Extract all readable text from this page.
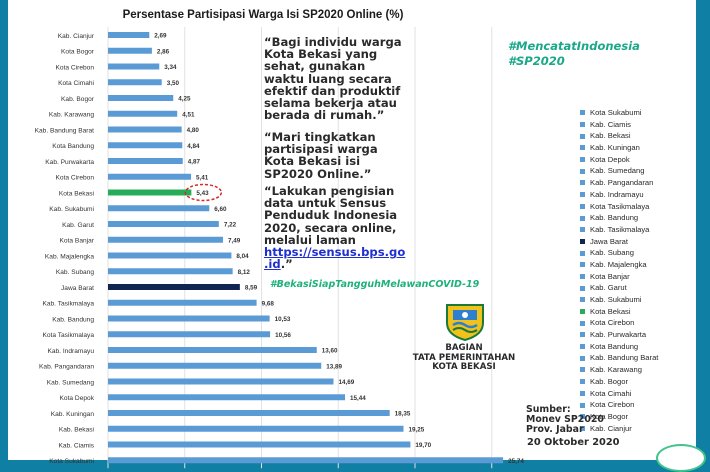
Persentase Partisipasi Warga Isi SP2020 Online (%)
Kab. Cianjur	2,69
Kota Bogor	2,86
Kota Cirebon	3,34
Kota Cimahi	3,50
Kab. Bogor	4,25
Kab. Karawang	4,51
Kab. Bandung Barat	4,80
Kota Bandung	4,84
Kab. Purwakarta	4,87
Kota Cirebon	5,41
Kota Bekasi	5,43
Kab. Sukabumi	6,60
Kab. Garut	7,22
Kota Banjar	7,49
Kab. Majalengka	8,04
Kab. Subang	8,12
Jawa Barat	8,59
Kab. Tasikmalaya	9,68
Kab. Bandung	10,53
Kota Tasikmalaya	10,56
Kab. Indramayu	13,60
Kab. Pangandaran	13,89
Kab. Sumedang	14,69
Kota Depok	15,44
Kab. Kuningan	18,35
Kab. Bekasi	19,25
Kab. Ciamis	19,70
Kota Sukabumi	25,74
“Bagi individu warga
Kota Bekasi yang
sehat, gunakan
waktu luang secara
efektif dan produktif
selama bekerja atau
berada di rumah.”
“Mari tingkatkan
partisipasi warga
Kota Bekasi isi
SP2020 Online.”
“Lakukan pengisian
data untuk Sensus
Penduduk Indonesia
2020, secara online,
melalui laman
https://sensus.bps.go
.id.”
#MencatatIndonesia
#SP2020
#BekasiSiapTangguhMelawanCOVID-19
Kota Sukabumi
Kab. Ciamis
Kab. Bekasi
Kab. Kuningan
Kota Depok
Kab. Sumedang
Kab. Pangandaran
Kab. Indramayu
Kota Tasikmalaya
Kab. Bandung
Kab. Tasikmalaya
Jawa Barat
Kab. Subang
Kab. Majalengka
Kota Banjar
Kab. Garut
Kab. Sukabumi
Kota Bekasi
Kota Cirebon
Kab. Purwakarta
Kota Bandung
Kab. Bandung Barat
Kab. Karawang
Kab. Bogor
Kota Cimahi
Kota Cirebon
Kota Bogor
Kab. Cianjur
BAGIAN
TATA PEMERINTAHAN
KOTA BEKASI
Sumber:
Monev SP2020
Prov. Jabar
20 Oktober 2020
